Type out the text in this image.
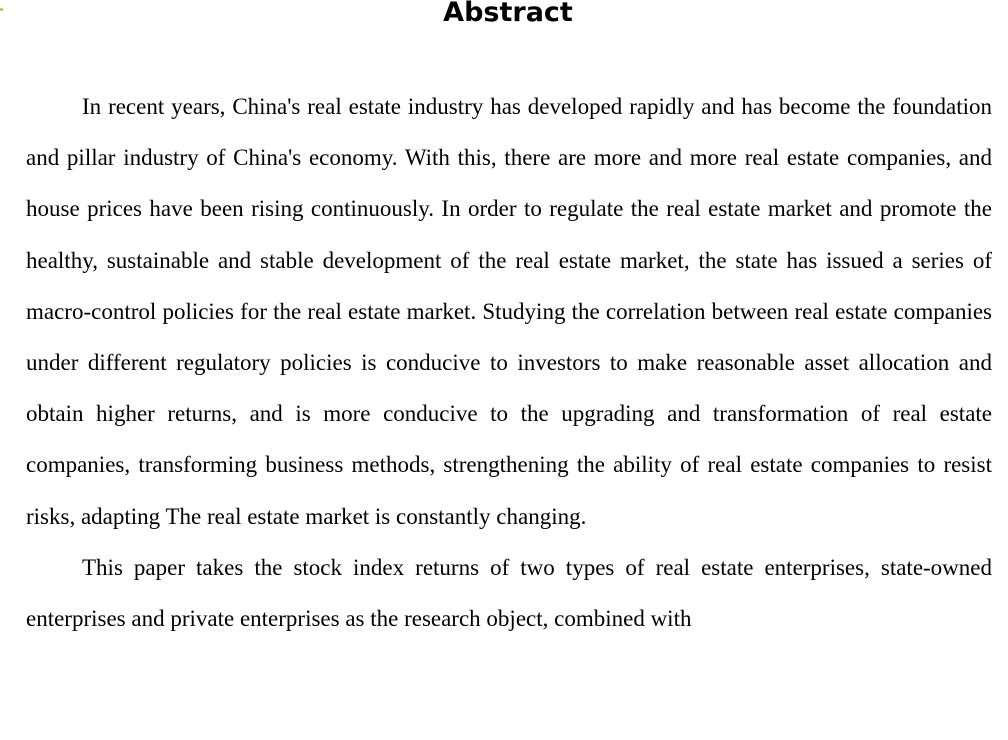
Abstract

In recent years, China's real estate industry has developed rapidly and has become the foundation and pillar industry of China's economy. With this, there are more and more real estate companies, and house prices have been rising continuously. In order to regulate the real estate market and promote the healthy, sustainable and stable development of the real estate market, the state has issued a series of macro-control policies for the real estate market. Studying the correlation between real estate companies under different regulatory policies is conducive to investors to make reasonable asset allocation and obtain higher returns, and is more conducive to the upgrading and transformation of real estate companies, transforming business methods, strengthening the ability of real estate companies to resist risks, adapting The real estate market is constantly changing.

This paper takes the stock index returns of two types of real estate enterprises, state-owned enterprises and private enterprises as the research object, combined with
